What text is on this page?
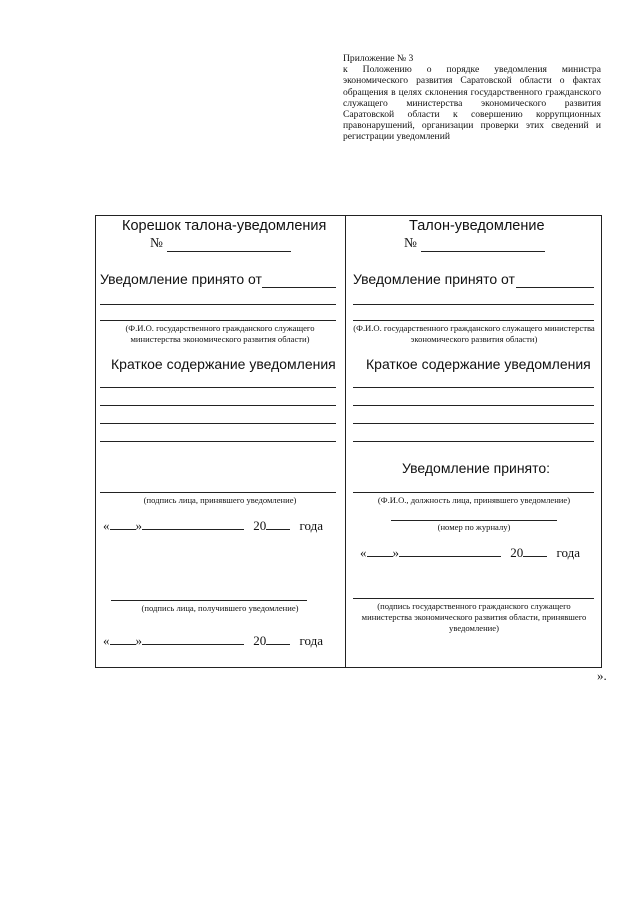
Приложение № 3

к Положению о порядке уведомления министра экономического развития Саратовской области о фактах обращения в целях склонения государственного гражданского служащего министерства экономического развития Саратовской области к совершению коррупционных правонарушений, организации проверки этих сведений и регистрации уведомлений

Корешок талона-уведомления
№
Уведомление принято от
(Ф.И.О. государственного гражданского служащего министерства экономического развития области)
Краткое содержание уведомления
(подпись лица, принявшего уведомление)
« »	20	года
(подпись лица, получившего уведомление)
« »	20	года
Талон-уведомление
№
Уведомление принято от
(Ф.И.О. государственного гражданского служащего министерства экономического развития области)
Краткое содержание уведомления
Уведомление принято:
(Ф.И.О., должность лица, принявшего уведомление)
(номер по журналу)
« »	20	года
(подпись государственного гражданского служащего министерства экономического развития области, принявшего уведомление)
».
